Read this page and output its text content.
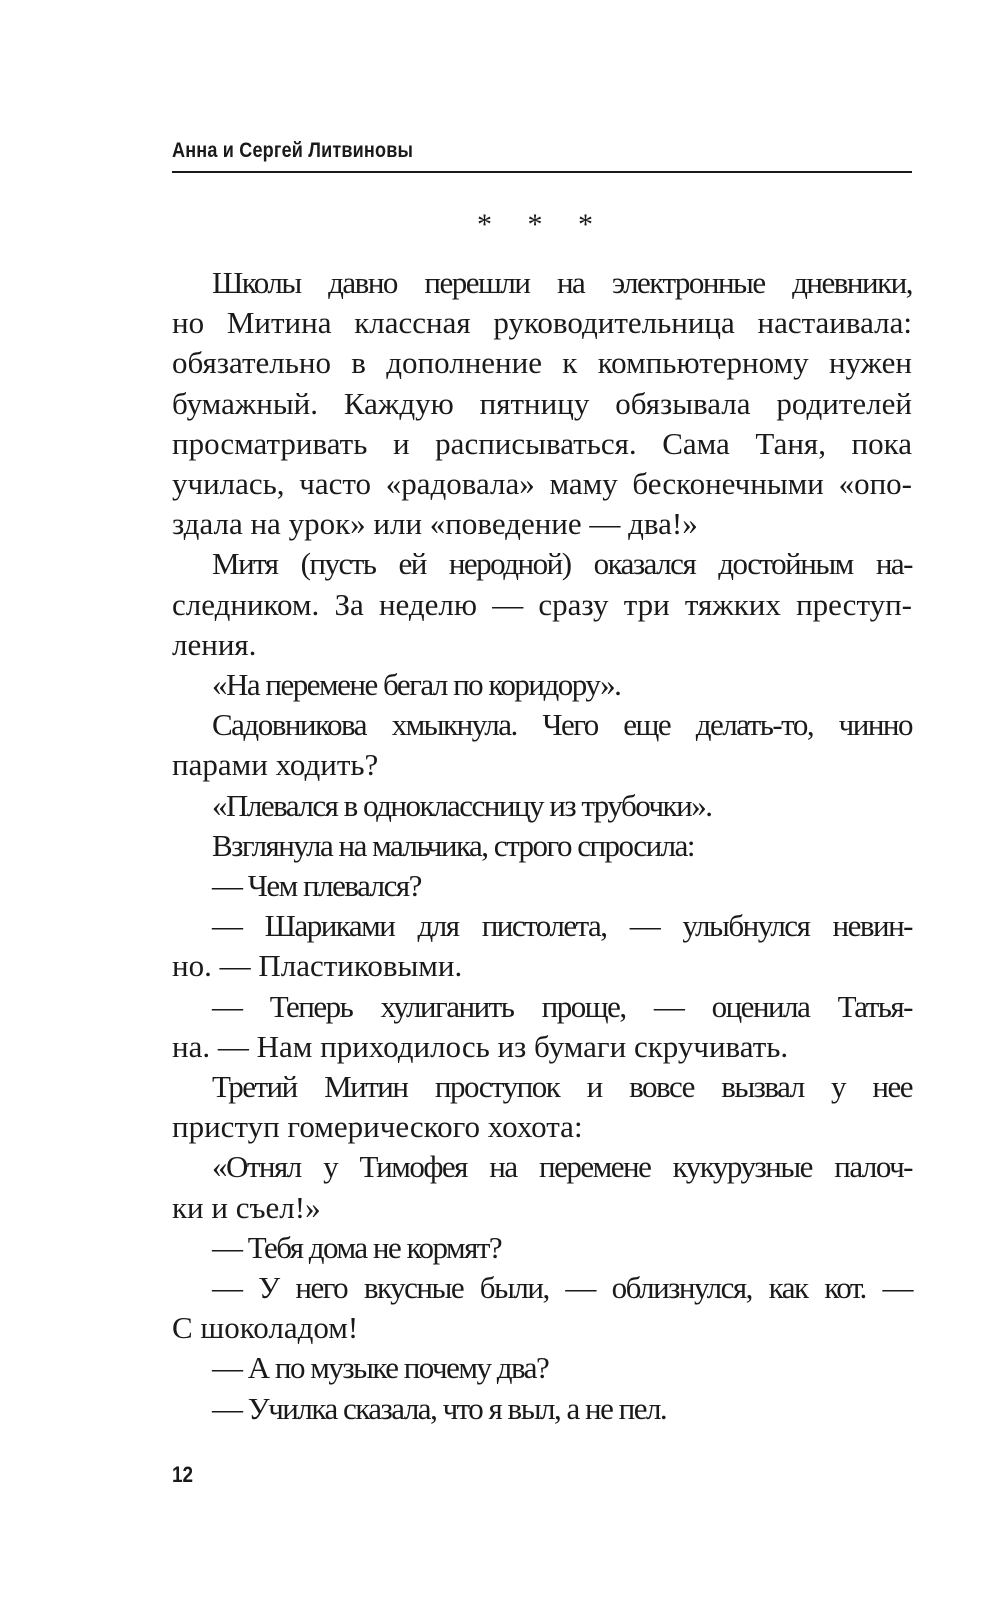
Анна и Сергей Литвиновы
* * *

Школы давно перешли на электронные дневники,
но Митина классная руководительница настаивала:
обязательно в дополнение к компьютерному нужен
бумажный. Каждую пятницу обязывала родителей
просматривать и расписываться. Сама Таня, пока
училась, часто «радовала» маму бесконечными «опо-
здала на урок» или «поведение — два!»

Митя (пусть ей неродной) оказался достойным на-
следником. За неделю — сразу три тяжких преступ-
ления.

«На перемене бегал по коридору».

Садовникова хмыкнула. Чего еще делать-то, чинно
парами ходить?

«Плевался в одноклассницу из трубочки».

Взглянула на мальчика, строго спросила:

— Чем плевался?

— Шариками для пистолета, — улыбнулся невин-
но. — Пластиковыми.

— Теперь хулиганить проще, — оценила Татья-
на. — Нам приходилось из бумаги скручивать.

Третий Митин проступок и вовсе вызвал у нее
приступ гомерического хохота:

«Отнял у Тимофея на перемене кукурузные палоч-
ки и съел!»

— Тебя дома не кормят?

— У него вкусные были, — облизнулся, как кот. —
С шоколадом!

— А по музыке почему два?

— Училка сказала, что я выл, а не пел.

12
